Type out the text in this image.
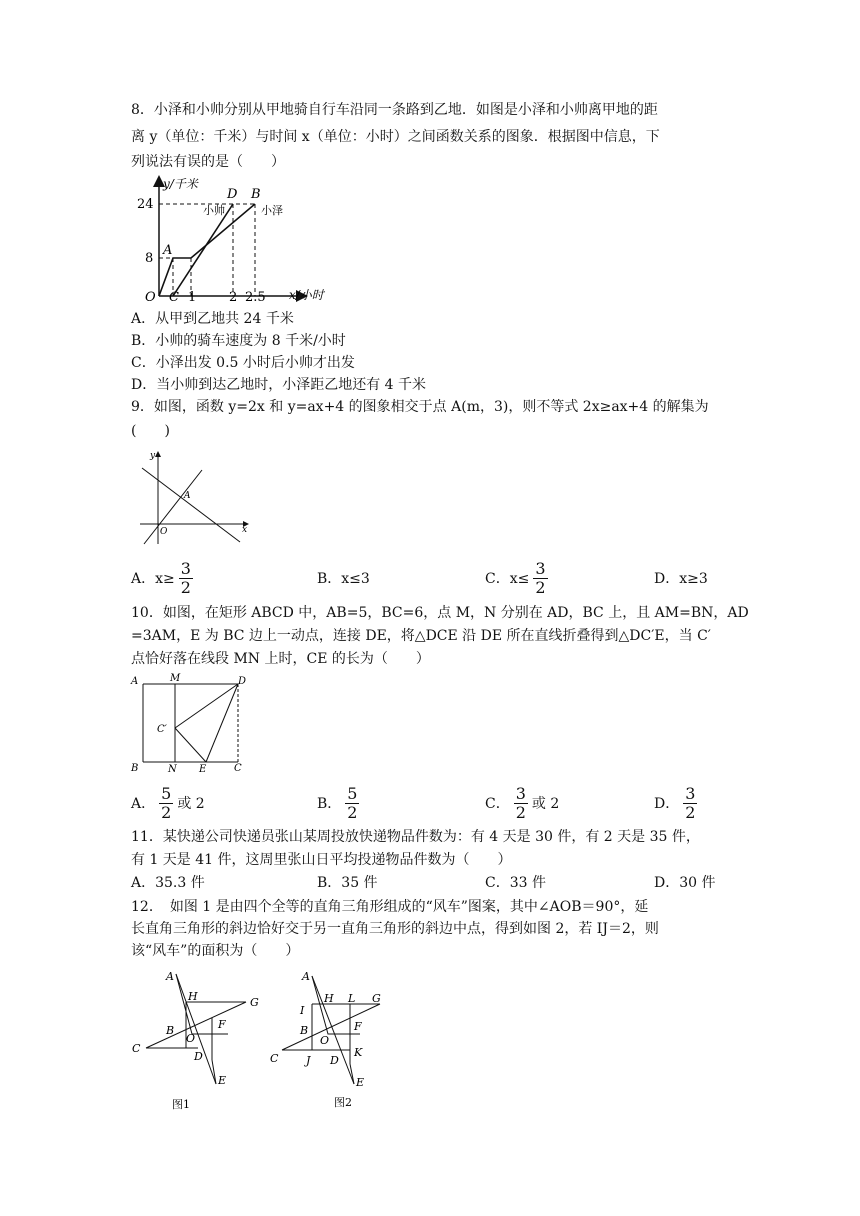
8．小泽和小帅分别从甲地骑自行车沿同一条路到乙地．如图是小泽和小帅离甲地的距
离 y（单位：千米）与时间 x（单位：小时）之间函数关系的图象．根据图中信息，下
列说法有误的是（　　）
y/千米
24
8
O C 1	2 2.5 x/小时
A
D B
小帅	小泽
A．从甲到乙地共 24 千米
B．小帅的骑车速度为 8 千米/小时
C．小泽出发 0.5 小时后小帅才出发
D．当小帅到达乙地时，小泽距乙地还有 4 千米
9．如图，函数 y=2x 和 y=ax+4 的图象相交于点 A(m，3)，则不等式 2x≥ax+4 的解集为
(　　)
y
x
O
A
A．$x\ge \frac{3}{2}$	B．x≤3	C．$x\le \frac{3}{2}$	D．x≥3
10．如图，在矩形 ABCD 中，AB=5，BC=6，点 M，N 分别在 AD，BC 上，且 AM=BN，AD
=3AM，E 为 BC 边上一动点，连接 DE，将△DCE 沿 DE 所在直线折叠得到△DC′E，当 C′
点恰好落在线段 MN 上时，CE 的长为（　　）
A	M	D
C′
B	N E	C
A． $\frac{5}{2}$ 或 2	B． $\frac{5}{2}$	C． $\frac{3}{2}$ 或 2	D． $\frac{3}{2}$
11．某快递公司快递员张山某周投放快递物品件数为：有 4 天是 30 件，有 2 天是 35 件，
有 1 天是 41 件，这周里张山日平均投递物品件数为（　　）
A．35.3 件	B．35 件	C．33 件	D．30 件
12．　如图 1 是由四个全等的直角三角形组成的“风车”图案，其中∠AOB＝90°，延
长直角三角形的斜边恰好交于另一直角三角形的斜边中点，得到如图 2，若 IJ＝2，则
该“风车”的面积为（　　）
A
H	G
B	F
O
C
D
E
图1
A
I
H L G
B	F
O
C	J D
K
E
图2
